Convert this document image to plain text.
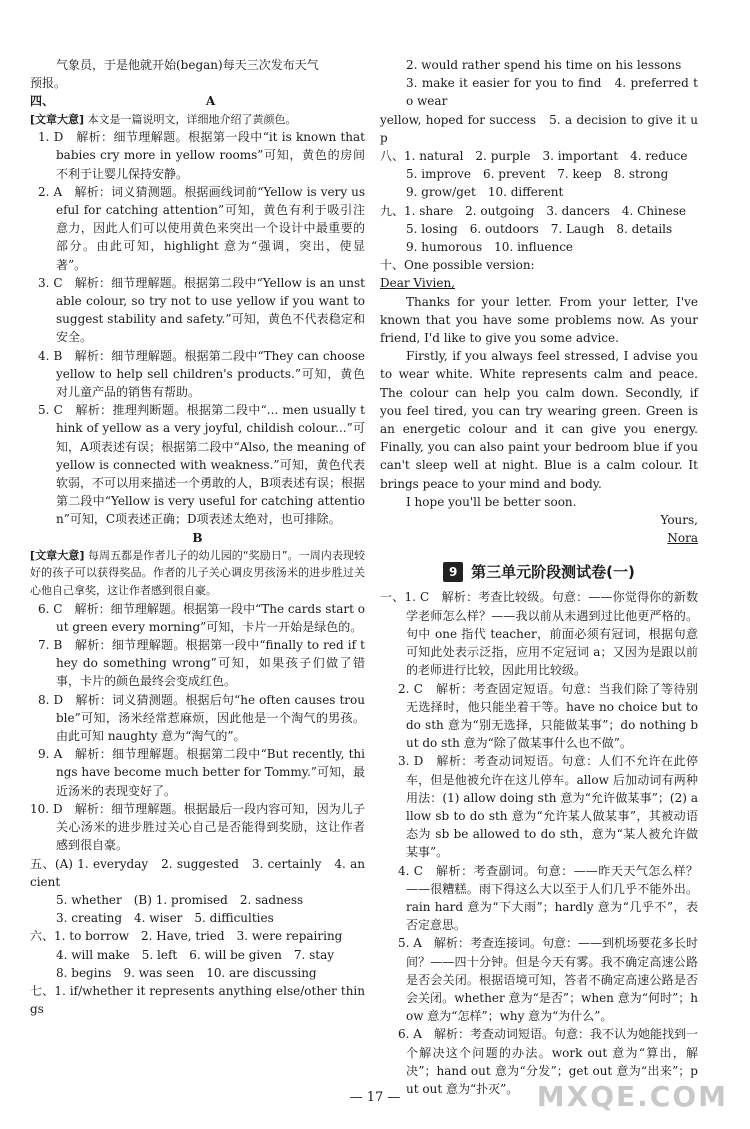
气象员，于是他就开始(began)每天三次发布天气

预报。

四、	A

[文章大意] 本文是一篇说明文，详细地介绍了黄颜色。

1. D　解析：细节理解题。根据第一段中“it is known that babies cry more in yellow rooms”可知，黄色的房间不利于让婴儿保持安静。

2. A　解析：词义猜测题。根据画线词前“Yellow is very useful for catching attention”可知，黄色有利于吸引注意力，因此人们可以使用黄色来突出一个设计中最重要的部分。由此可知，highlight 意为“强调，突出，使显著”。

3. C　解析：细节理解题。根据第二段中“Yellow is an unstable colour, so try not to use yellow if you want to suggest stability and safety.”可知，黄色不代表稳定和安全。

4. B　解析：细节理解题。根据第二段中“They can choose yellow to help sell children's products.”可知，黄色对儿童产品的销售有帮助。

5. C　解析：推理判断题。根据第二段中“... men usually think of yellow as a very joyful, childish colour...”可知，A项表述有误；根据第二段中“Also, the meaning of yellow is connected with weakness.”可知，黄色代表软弱，不可以用来描述一个勇敢的人，B项表述有误；根据第二段中“Yellow is very useful for catching attention”可知，C项表述正确；D项表述太绝对，也可排除。

B

[文章大意] 每周五都是作者儿子的幼儿园的“奖励日”。一周内表现较好的孩子可以获得奖品。作者的儿子关心调皮男孩汤米的进步胜过关心他自己拿奖，这让作者感到很自豪。

6. C　解析：细节理解题。根据第一段中“The cards start out green every morning”可知，卡片一开始是绿色的。

7. B　解析：细节理解题。根据第一段中“finally to red if they do something wrong”可知，如果孩子们做了错事，卡片的颜色最终会变成红色。

8. D　解析：词义猜测题。根据后句“he often causes trouble”可知，汤米经常惹麻烦，因此他是一个淘气的男孩。由此可知 naughty 意为“淘气的”。

9. A　解析：细节理解题。根据第二段中“But recently, things have become much better for Tommy.”可知，最近汤米的表现变好了。

10. D　解析：细节理解题。根据最后一段内容可知，因为儿子关心汤米的进步胜过关心自己是否能得到奖励，这让作者感到很自豪。

五、(A) 1. everyday　2. suggested　3. certainly　4. ancient

5. whether　(B) 1. promised　2. sadness

3. creating　4. wiser　5. difficulties

六、1. to borrow　2. Have, tried　3. were repairing

4. will make　5. left　6. will be given　7. stay

8. begins　9. was seen　10. are discussing

七、1. if/whether it represents anything else/other things

2. would rather spend his time on his lessons

3. make it easier for you to find　4. preferred to wear

yellow, hoped for success　5. a decision to give it up

八、1. natural　2. purple　3. important　4. reduce

5. improve　6. prevent　7. keep　8. strong

9. grow/get　10. different

九、1. share　2. outgoing　3. dancers　4. Chinese

5. losing　6. outdoors　7. Laugh　8. details

9. humorous　10. influence

十、One possible version:

Dear Vivien,

Thanks for your letter. From your letter, I've known that you have some problems now. As your friend, I'd like to give you some advice.

Firstly, if you always feel stressed, I advise you to wear white. White represents calm and peace. The colour can help you calm down. Secondly, if you feel tired, you can try wearing green. Green is an energetic colour and it can give you energy. Finally, you can also paint your bedroom blue if you can't sleep well at night. Blue is a calm colour. It brings peace to your mind and body.

I hope you'll be better soon.

Yours,

Nora

9 第三单元阶段测试卷(一)

一、1. C　解析：考查比较级。句意：——你觉得你的新数学老师怎么样？——我以前从未遇到过比他更严格的。句中 one 指代 teacher，前面必须有冠词，根据句意可知此处表示泛指，应用不定冠词 a；又因为是跟以前的老师进行比较，因此用比较级。

2. C　解析：考查固定短语。句意：当我们除了等待别无选择时，他只能坐着干等。have no choice but to do sth 意为“别无选择，只能做某事”；do nothing but do sth 意为“除了做某事什么也不做”。

3. D　解析：考查动词短语。句意：人们不允许在此停车，但是他被允许在这儿停车。allow 后加动词有两种用法：(1) allow doing sth 意为“允许做某事”；(2) allow sb to do sth 意为“允许某人做某事”，其被动语态为 sb be allowed to do sth，意为“某人被允许做某事”。

4. C　解析：考查副词。句意：——昨天天气怎么样？——很糟糕。雨下得这么大以至于人们几乎不能外出。rain hard 意为“下大雨”；hardly 意为“几乎不”，表否定意思。

5. A　解析：考查连接词。句意：——到机场要花多长时间？——四十分钟。但是今天有雾。我不确定高速公路是否会关闭。根据语境可知，答者不确定高速公路是否会关闭。whether 意为“是否”；when 意为“何时”；how 意为“怎样”；why 意为“为什么”。

6. A　解析：考查动词短语。句意：我不认为她能找到一个解决这个问题的办法。work out 意为“算出，解决”；hand out 意为“分发”；get out 意为“出来”；put out 意为“扑灭”。

— 17 —	MXQE.COM
